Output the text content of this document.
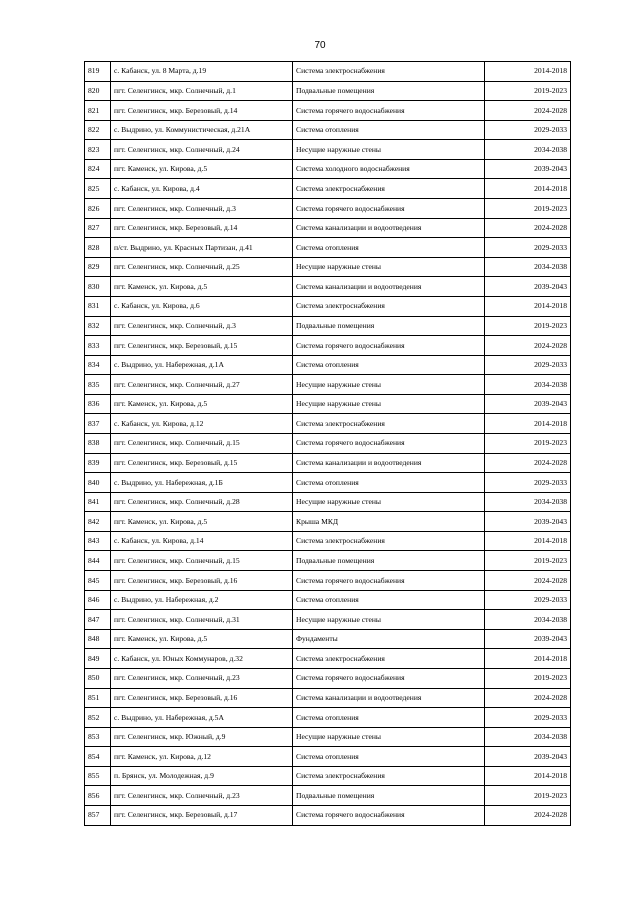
70
819	с. Кабанск, ул. 8 Марта, д.19	Система электроснабжения	2014-2018
820	пгт. Селенгинск, мкр. Солнечный, д.1	Подвальные помещения	2019-2023
821	пгт. Селенгинск, мкр. Березовый, д.14	Система горячего водоснабжения	2024-2028
822	с. Выдрино, ул. Коммунистическая, д.21А	Система отопления	2029-2033
823	пгт. Селенгинск, мкр. Солнечный, д.24	Несущие наружные стены	2034-2038
824	пгт. Каменск, ул. Кирова, д.5	Система холодного водоснабжения	2039-2043
825	с. Кабанск, ул. Кирова, д.4	Система электроснабжения	2014-2018
826	пгт. Селенгинск, мкр. Солнечный, д.3	Система горячего водоснабжения	2019-2023
827	пгт. Селенгинск, мкр. Березовый, д.14	Система канализации и водоотведения	2024-2028
828	п/ст. Выдрино, ул. Красных Партизан, д.41	Система отопления	2029-2033
829	пгт. Селенгинск, мкр. Солнечный, д.25	Несущие наружные стены	2034-2038
830	пгт. Каменск, ул. Кирова, д.5	Система канализации и водоотведения	2039-2043
831	с. Кабанск, ул. Кирова, д.6	Система электроснабжения	2014-2018
832	пгт. Селенгинск, мкр. Солнечный, д.3	Подвальные помещения	2019-2023
833	пгт. Селенгинск, мкр. Березовый, д.15	Система горячего водоснабжения	2024-2028
834	с. Выдрино, ул. Набережная, д.1А	Система отопления	2029-2033
835	пгт. Селенгинск, мкр. Солнечный, д.27	Несущие наружные стены	2034-2038
836	пгт. Каменск, ул. Кирова, д.5	Несущие наружные стены	2039-2043
837	с. Кабанск, ул. Кирова, д.12	Система электроснабжения	2014-2018
838	пгт. Селенгинск, мкр. Солнечный, д.15	Система горячего водоснабжения	2019-2023
839	пгт. Селенгинск, мкр. Березовый, д.15	Система канализации и водоотведения	2024-2028
840	с. Выдрино, ул. Набережная, д.1Б	Система отопления	2029-2033
841	пгт. Селенгинск, мкр. Солнечный, д.28	Несущие наружные стены	2034-2038
842	пгт. Каменск, ул. Кирова, д.5	Крыша МКД	2039-2043
843	с. Кабанск, ул. Кирова, д.14	Система электроснабжения	2014-2018
844	пгт. Селенгинск, мкр. Солнечный, д.15	Подвальные помещения	2019-2023
845	пгт. Селенгинск, мкр. Березовый, д.16	Система горячего водоснабжения	2024-2028
846	с. Выдрино, ул. Набережная, д.2	Система отопления	2029-2033
847	пгт. Селенгинск, мкр. Солнечный, д.31	Несущие наружные стены	2034-2038
848	пгт. Каменск, ул. Кирова, д.5	Фундаменты	2039-2043
849	с. Кабанск, ул. Юных Коммунаров, д.32	Система электроснабжения	2014-2018
850	пгт. Селенгинск, мкр. Солнечный, д.23	Система горячего водоснабжения	2019-2023
851	пгт. Селенгинск, мкр. Березовый, д.16	Система канализации и водоотведения	2024-2028
852	с. Выдрино, ул. Набережная, д.5А	Система отопления	2029-2033
853	пгт. Селенгинск, мкр. Южный, д.9	Несущие наружные стены	2034-2038
854	пгт. Каменск, ул. Кирова, д.12	Система отопления	2039-2043
855	п. Брянск, ул. Молодежная, д.9	Система электроснабжения	2014-2018
856	пгт. Селенгинск, мкр. Солнечный, д.23	Подвальные помещения	2019-2023
857	пгт. Селенгинск, мкр. Березовый, д.17	Система горячего водоснабжения	2024-2028
